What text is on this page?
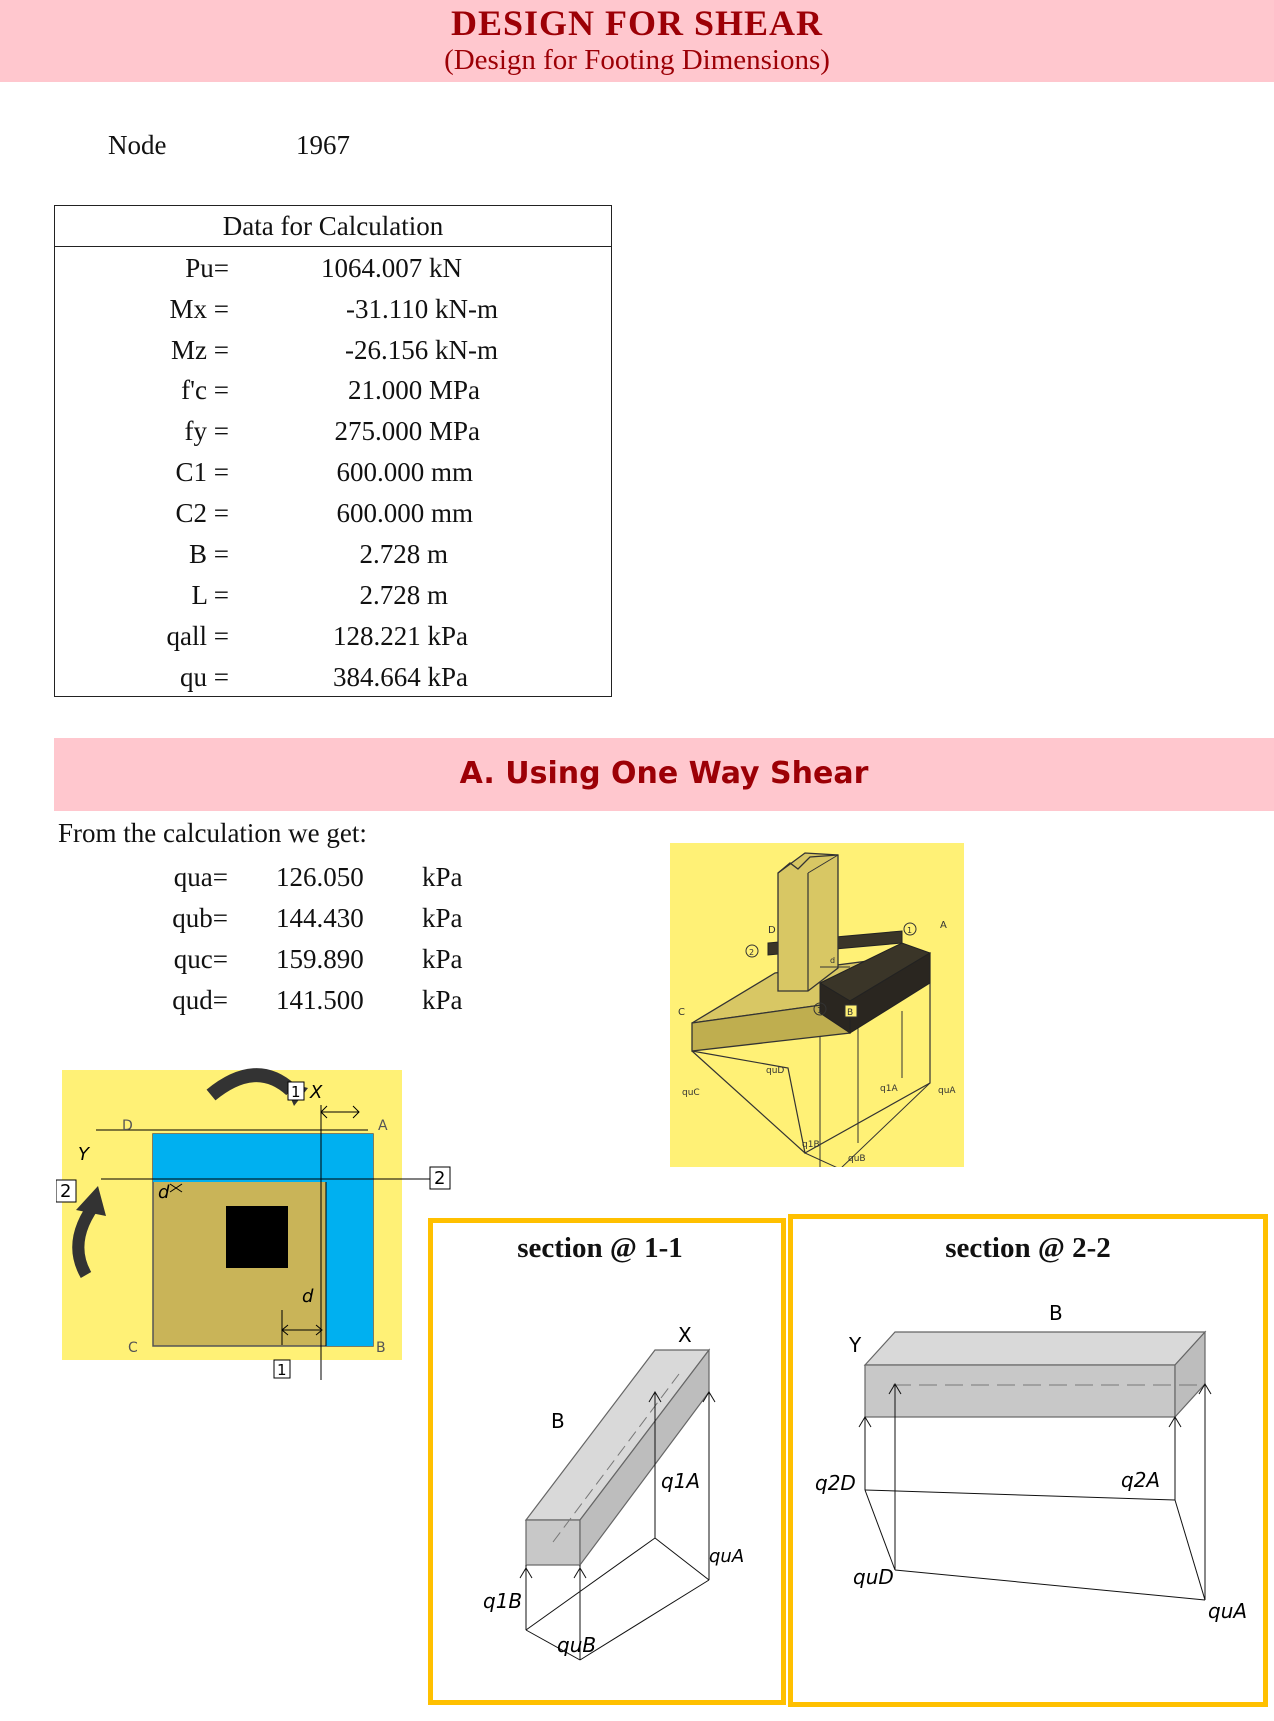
DESIGN FOR SHEAR
(Design for Footing Dimensions)
Node	1967
Data for Calculation
Pu=	1064.007 kN
Mx =	-31.110 kN-m
Mz =	-26.156 kN-m
f'c =	21.000 MPa
fy =	275.000 MPa
C1 =	600.000 mm
C2 =	600.000 mm
B =	2.728 m
L =	2.728 m
qall =	128.221 kPa
qu =	384.664 kPa
A. Using One Way Shear
From the calculation we get:
qua= 126.050 kPa
qub= 144.430 kPa
quc= 159.890 kPa
qud= 141.500 kPa
d
D	A
C	B
1
2
1
quD
quC	q1A	quA
q1B
quB
1 X
1
2
2
Y
D	A
C	B
d
d
section @ 1-1
X
B
q1A
quA
q1B
quB
section @ 2-2
Y
B
q2D	q2A
quD
quA
